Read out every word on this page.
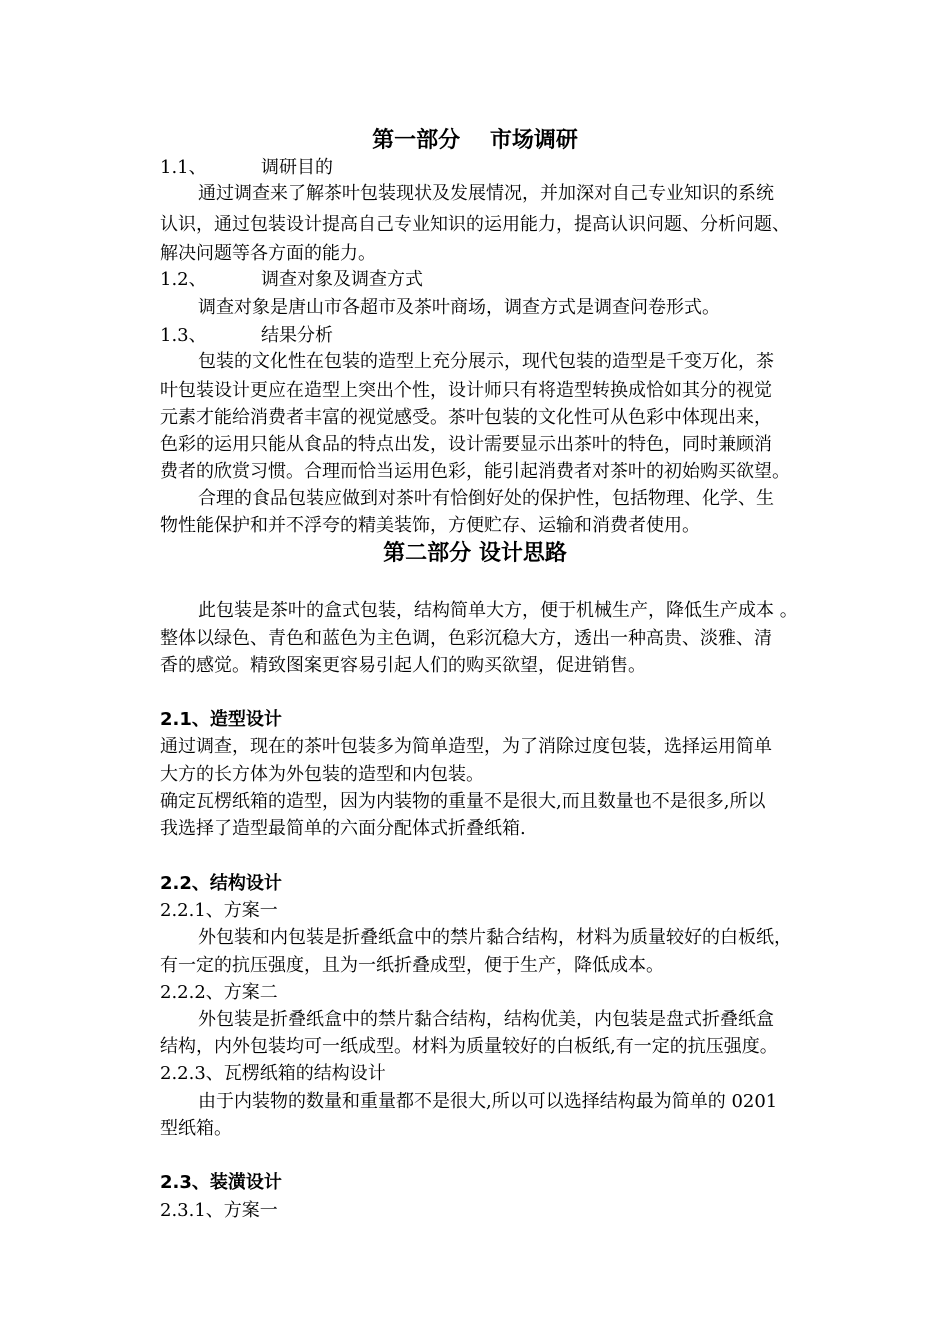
第一部分　 市场调研
1.1、	调研目的
通过调查来了解茶叶包装现状及发展情况，并加深对自己专业知识的系统
认识，通过包装设计提高自己专业知识的运用能力，提高认识问题、分析问题、
解决问题等各方面的能力。
1.2、	调查对象及调查方式
调查对象是唐山市各超市及茶叶商场，调查方式是调查问卷形式。
1.3、	结果分析
包装的文化性在包装的造型上充分展示，现代包装的造型是千变万化，茶
叶包装设计更应在造型上突出个性，设计师只有将造型转换成恰如其分的视觉
元素才能给消费者丰富的视觉感受。茶叶包装的文化性可从色彩中体现出来，
色彩的运用只能从食品的特点出发，设计需要显示出茶叶的特色，同时兼顾消
费者的欣赏习惯。合理而恰当运用色彩，能引起消费者对茶叶的初始购买欲望。
合理的食品包装应做到对茶叶有恰倒好处的保护性，包括物理、化学、生
物性能保护和并不浮夸的精美装饰，方便贮存、运输和消费者使用。
第二部分 设计思路
此包装是茶叶的盒式包装，结构简单大方，便于机械生产，降低生产成本 。
整体以绿色、青色和蓝色为主色调，色彩沉稳大方，透出一种高贵、淡雅、清
香的感觉。精致图案更容易引起人们的购买欲望，促进销售。
2.1、造型设计
通过调查，现在的茶叶包装多为简单造型，为了消除过度包装，选择运用简单
大方的长方体为外包装的造型和内包装。
确定瓦楞纸箱的造型，因为内装物的重量不是很大,而且数量也不是很多,所以
我选择了造型最简单的六面分配体式折叠纸箱.
2.2、结构设计
2.2.1、方案一
外包装和内包装是折叠纸盒中的禁片黏合结构，材料为质量较好的白板纸，
有一定的抗压强度，且为一纸折叠成型，便于生产，降低成本。
2.2.2、方案二
外包装是折叠纸盒中的禁片黏合结构，结构优美，内包装是盘式折叠纸盒
结构，内外包装均可一纸成型。材料为质量较好的白板纸,有一定的抗压强度。
2.2.3、瓦楞纸箱的结构设计
由于内装物的数量和重量都不是很大,所以可以选择结构最为简单的 0201
型纸箱。
2.3、装潢设计
2.3.1、方案一
